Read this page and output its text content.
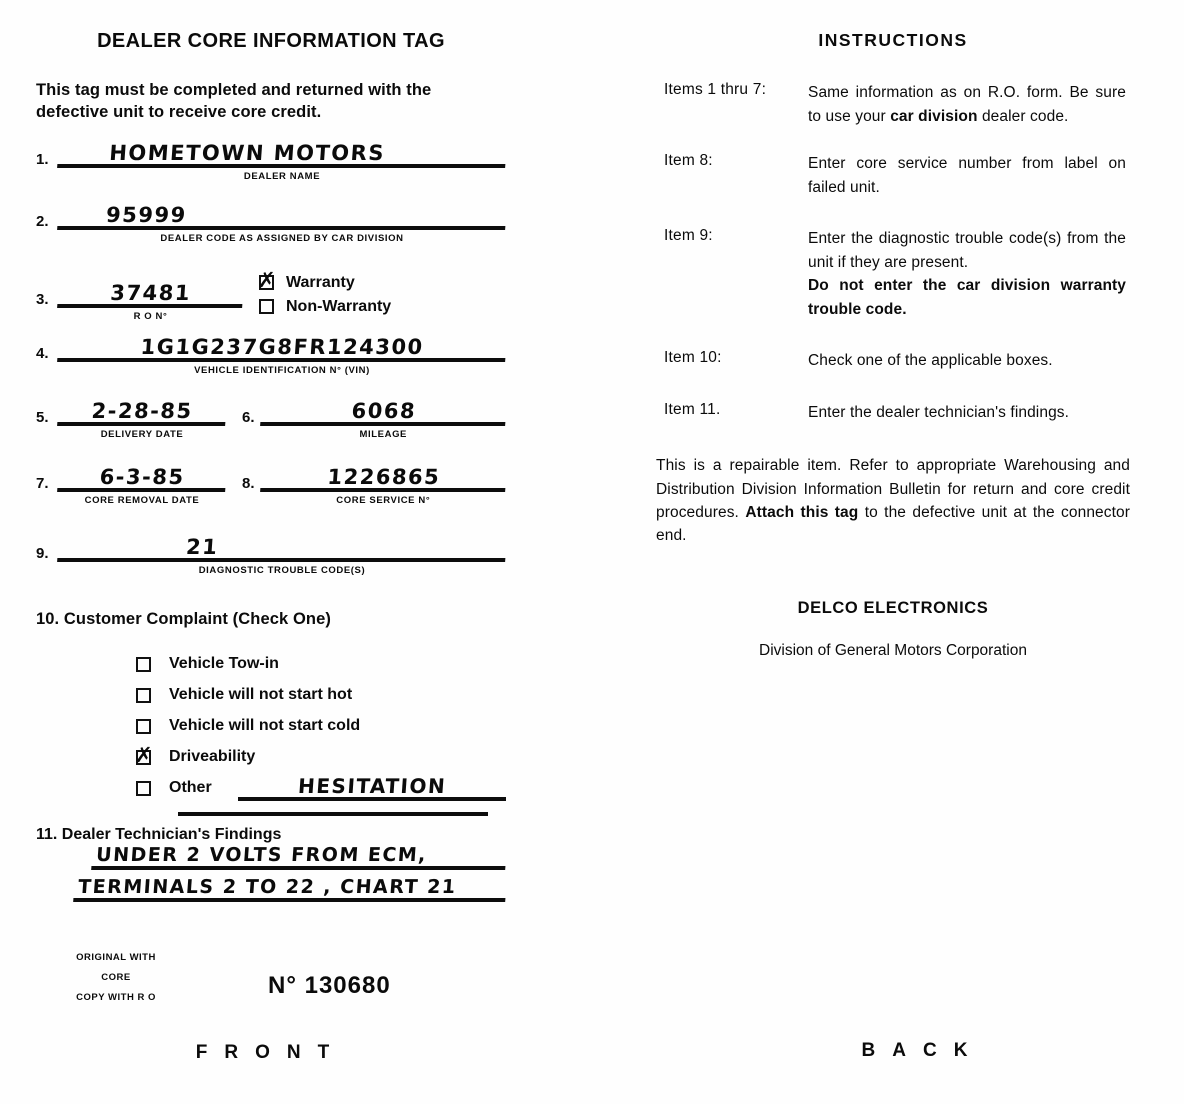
DEALER CORE INFORMATION TAG
This tag must be completed and returned with the defective unit to receive core credit.
1.	HOMETOWN MOTORS
DEALER NAME
2.	95999
DEALER CODE AS ASSIGNED BY CAR DIVISION
3.	37481
R O N°
✗ Warranty
Non-Warranty
4.	1G1G237G8FR124300
VEHICLE IDENTIFICATION N° (VIN)
5.	2-28-85
DELIVERY DATE
6.	6068
MILEAGE
7.	6-3-85
CORE REMOVAL DATE
8.	1226865
CORE SERVICE N°
9.	21
DIAGNOSTIC TROUBLE CODE(S)
10. Customer Complaint (Check One)
Vehicle Tow-in
Vehicle will not start hot
Vehicle will not start cold
✗ Driveability
Other	HESITATION
11. Dealer Technician's Findings
UNDER 2 VOLTS FROM ECM,
TERMINALS 2 TO 22 , CHART 21
ORIGINAL WITH
CORE
COPY WITH R O	N° 130680
FRONT
INSTRUCTIONS
Items 1 thru 7:	Same information as on R.O. form. Be sure to use your car division dealer code.
Item 8:	Enter core service number from label on failed unit.
Item 9:	Enter the diagnostic trouble code(s) from the unit if they are present.
Do not enter the car division warranty trouble code.
Item 10:	Check one of the applicable boxes.
Item 11.	Enter the dealer technician's findings.
This is a repairable item. Refer to appropriate Warehousing and Distribution Division Information Bulletin for return and core credit procedures. Attach this tag to the defective unit at the connector end.
DELCO ELECTRONICS
Division of General Motors Corporation
BACK
